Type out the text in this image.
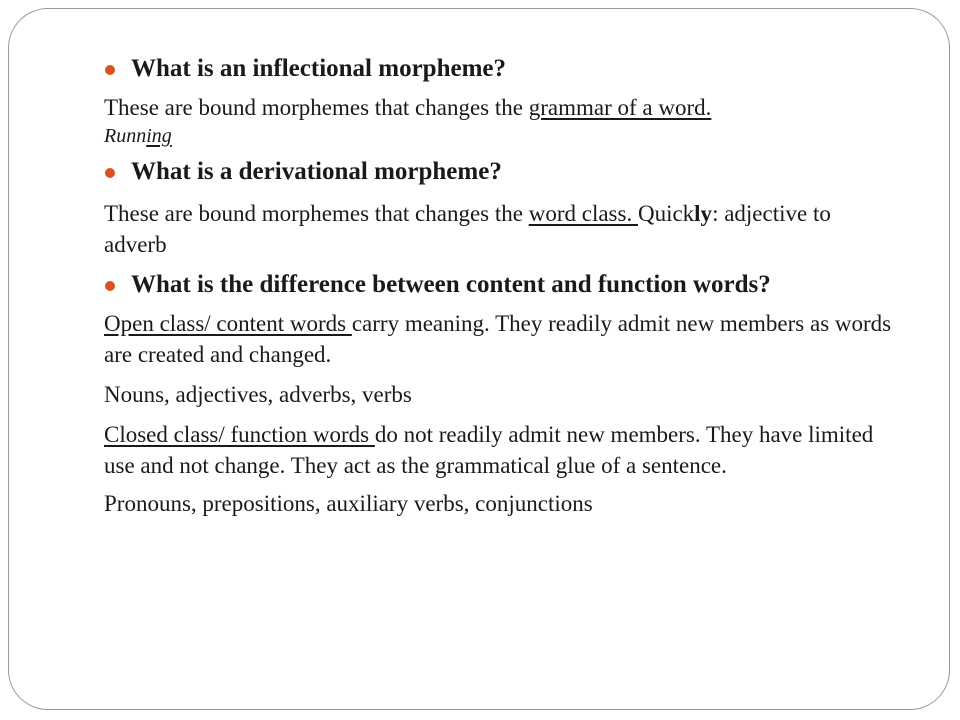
What is an inflectional morpheme?
These are bound morphemes that changes the grammar of a word.
Running
What is a derivational morpheme?
These are bound morphemes that changes the word class. Quickly: adjective to adverb
What is the difference between content and function words?
Open class/ content words carry meaning. They readily admit new members as words are created and changed.
Nouns, adjectives, adverbs, verbs
Closed class/ function words do not readily admit new members. They have limited use and not change. They act as the grammatical glue of a sentence.
Pronouns, prepositions, auxiliary verbs, conjunctions
